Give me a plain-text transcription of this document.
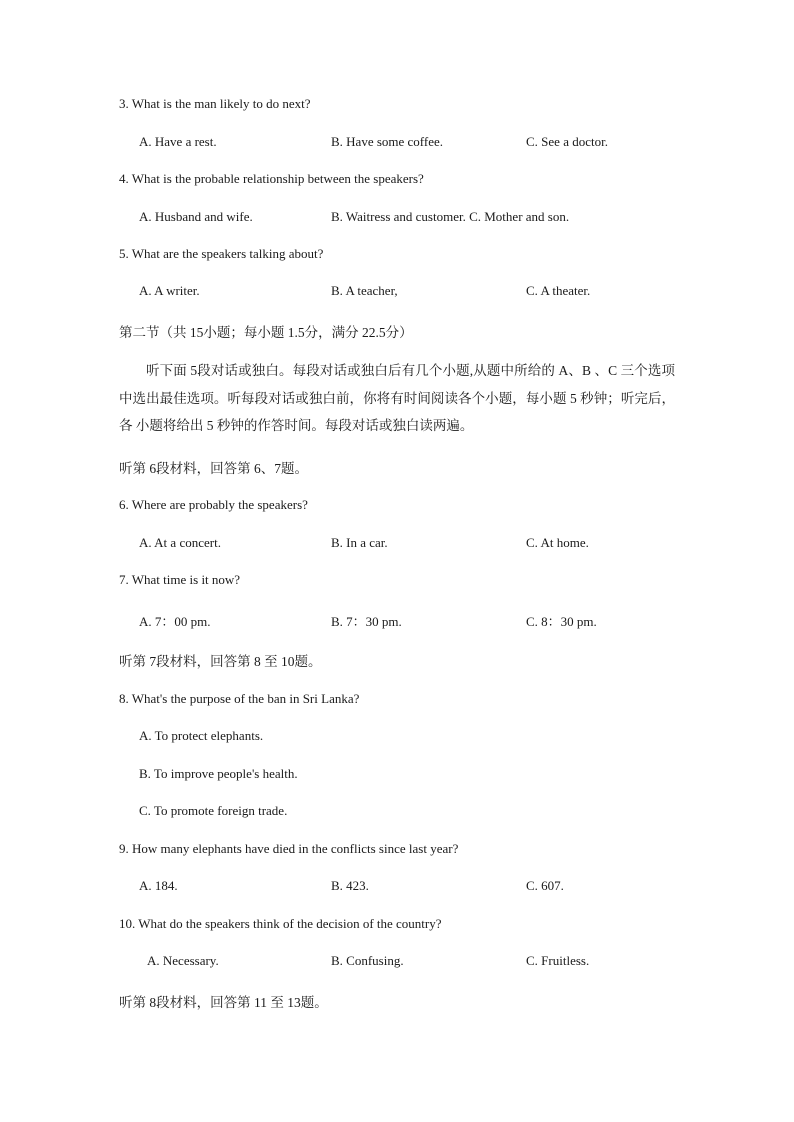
3. What is the man likely to do next?
A. Have a rest.	B. Have some coffee.	C. See a doctor.
4. What is the probable relationship between the speakers?
A. Husband and wife.	B. Waitress and customer. C. Mother and son.
5. What are the speakers talking about?
A. A writer.	B. A teacher,	C. A theater.
第二节（共 15小题；每小题 1.5分，满分 22.5分）
听下面 5段对话或独白。每段对话或独白后有几个小题,从题中所给的 A、B 、C 三个选项 中选出最佳选项。听每段对话或独白前，你将有时间阅读各个小题，每小题 5 秒钟；听完后，各 小题将给出 5 秒钟的作答时间。每段对话或独白读两遍。
听第 6段材料，回答第 6、7题。
6. Where are probably the speakers?
A. At a concert.	B. In a car.	C. At home.
7. What time is it now?
A. 7：00 pm.	B. 7：30 pm.	C. 8：30 pm.
听第 7段材料，回答第 8 至 10题。
8. What's the purpose of the ban in Sri Lanka?
A. To protect elephants.
B. To improve people's health.
C. To promote foreign trade.
9. How many elephants have died in the conflicts since last year?
A. 184.	B. 423.	C. 607.
10. What do the speakers think of the decision of the country?
A. Necessary.	B. Confusing.	C. Fruitless.
听第 8段材料，回答第 11 至 13题。
